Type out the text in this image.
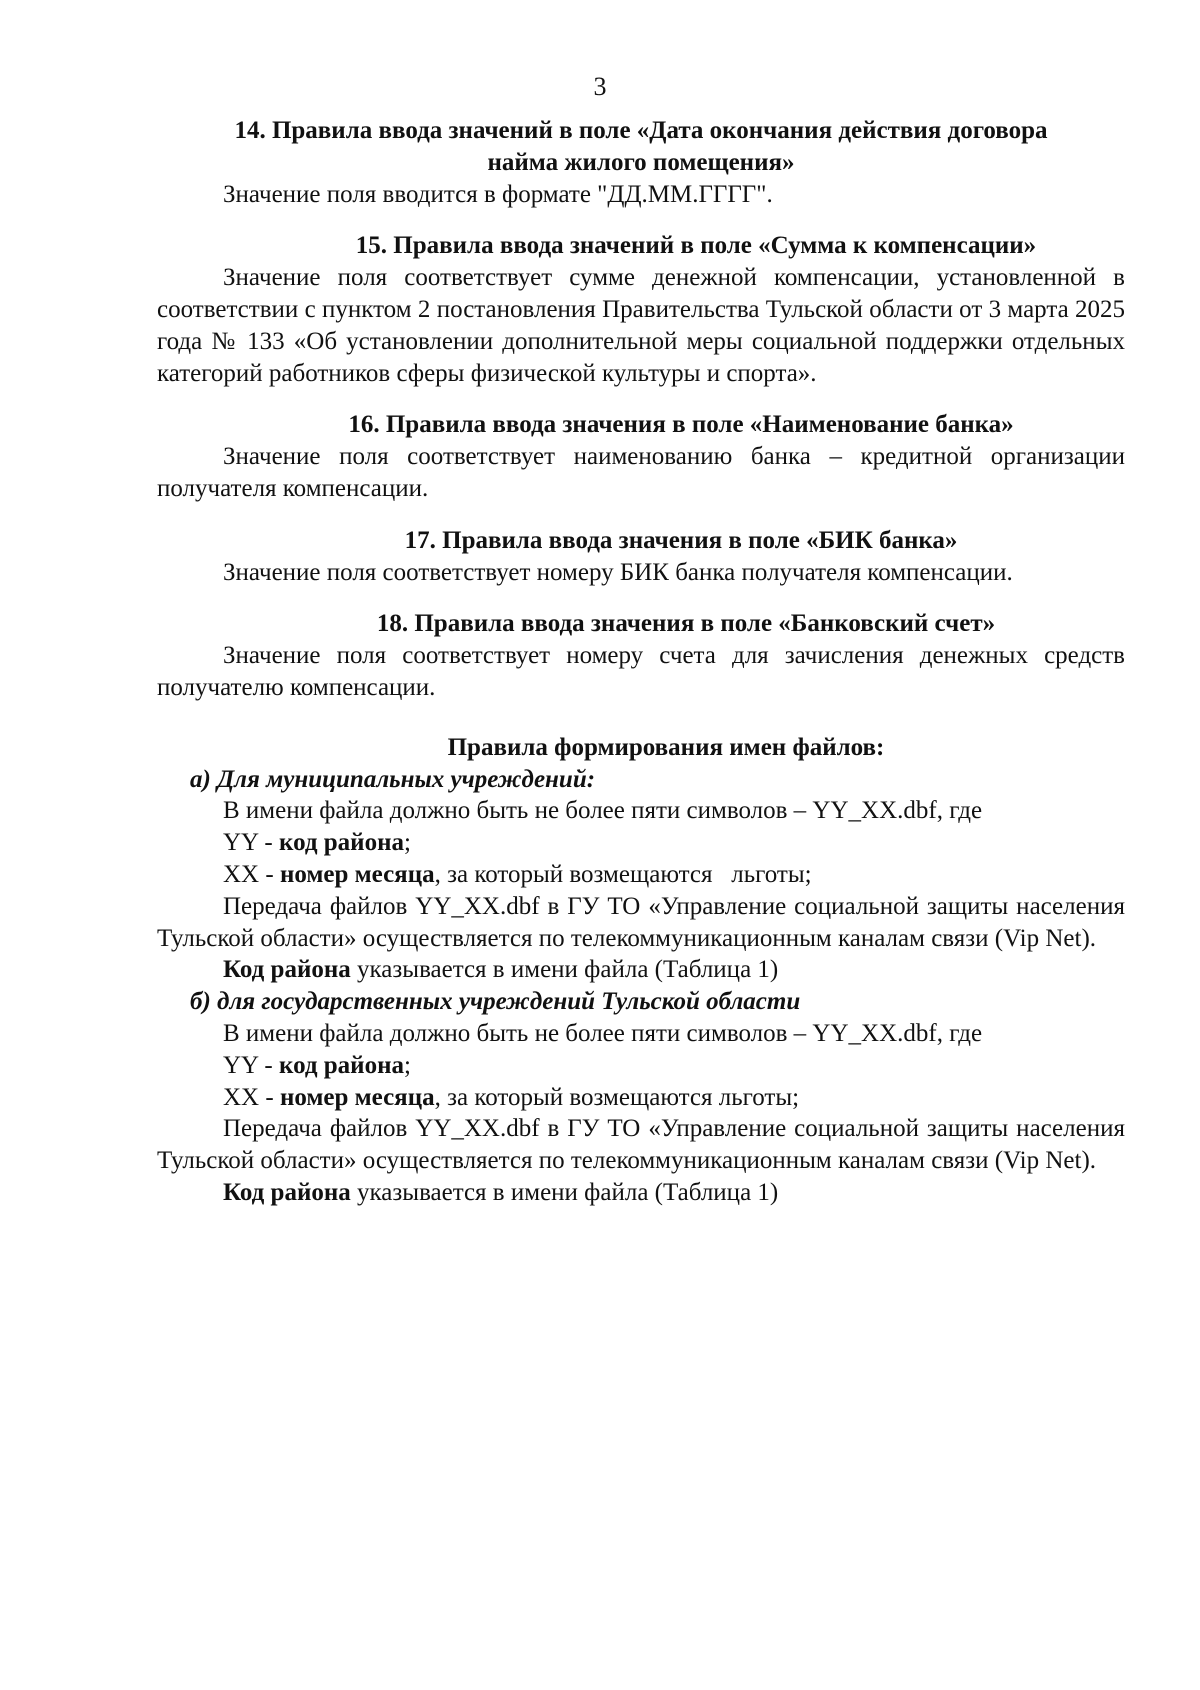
3

14. Правила ввода значений в поле «Дата окончания действия договора

найма жилого помещения»

Значение поля вводится в формате "ДД.ММ.ГГГГ".

15. Правила ввода значений в поле «Сумма к компенсации»

Значение поля соответствует сумме денежной компенсации, установленной в соответствии с пунктом 2 постановления Правительства Тульской области от 3 марта 2025 года № 133 «Об установлении дополнительной меры социальной поддержки отдельных категорий работников сферы физической культуры и спорта».

16. Правила ввода значения в поле «Наименование банка»

Значение поля соответствует наименованию банка – кредитной организации получателя компенсации.

17. Правила ввода значения в поле «БИК банка»

Значение поля соответствует номеру БИК банка получателя компенсации.

18. Правила ввода значения в поле «Банковский счет»

Значение поля соответствует номеру счета для зачисления денежных средств получателю компенсации.

Правила формирования имен файлов:

а) Для муниципальных учреждений:

В имени файла должно быть не более пяти символов – YY_XX.dbf, где

YY - код района;

XX - номер месяца, за который возмещаются   льготы;

Передача файлов YY_XX.dbf в ГУ ТО «Управление социальной защиты населения Тульской области» осуществляется по телекоммуникационным каналам связи (Vip Net).

Код района указывается в имени файла (Таблица 1)

б) для государственных учреждений Тульской области

В имени файла должно быть не более пяти символов – YY_XX.dbf, где

YY - код района;

XX - номер месяца, за который возмещаются льготы;

Передача файлов YY_XX.dbf в ГУ ТО «Управление социальной защиты населения Тульской области» осуществляется по телекоммуникационным каналам связи (Vip Net).

Код района указывается в имени файла (Таблица 1)
